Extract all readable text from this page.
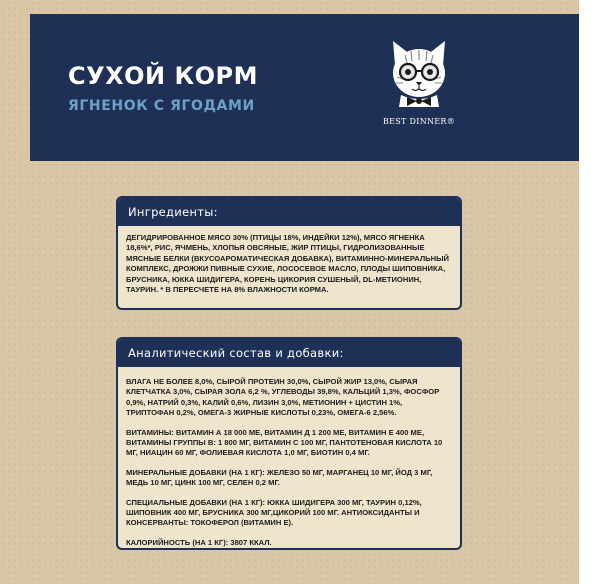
СУХОЙ КОРМ
ЯГНЕНОК С ЯГОДАМИ
BEST DINNER®
Ингредиенты:

ДЕГИДРИРОВАННОЕ МЯСО 30% (ПТИЦЫ 18%, ИНДЕЙКИ 12%), МЯСО ЯГНЕНКА 18,6%*, РИС, ЯЧМЕНЬ, ХЛОПЬЯ ОВСЯНЫЕ, ЖИР ПТИЦЫ, ГИДРОЛИЗОВАННЫЕ МЯСНЫЕ БЕЛКИ (ВКУСОАРОМАТИЧЕСКАЯ ДОБАВКА), ВИТАМИННО-МИНЕРАЛЬНЫЙ КОМПЛЕКС, ДРОЖЖИ ПИВНЫЕ СУХИЕ, ЛОСОСЕВОЕ МАСЛО, ПЛОДЫ ШИПОВНИКА, БРУСНИКА, ЮККА ШИДИГЕРА, КОРЕНЬ ЦИКОРИЯ СУШЕНЫЙ, DL-МЕТИОНИН, ТАУРИН. * В ПЕРЕСЧЕТЕ НА 8% ВЛАЖНОСТИ КОРМА.

Аналитический состав и добавки:

ВЛАГА НЕ БОЛЕЕ 8,0%, СЫРОЙ ПРОТЕИН 30,0%, СЫРОЙ ЖИР 13,0%, СЫРАЯ КЛЕТЧАТКА 3,0%, СЫРАЯ ЗОЛА 6,2 %, УГЛЕВОДЫ 39,8%, КАЛЬЦИЙ 1,3%, ФОСФОР 0,9%, НАТРИЙ 0,3%, КАЛИЙ 0,6%, ЛИЗИН 3,0%, МЕТИОНИН + ЦИСТИН 1%, ТРИПТОФАН 0,2%, ОМЕГА-3 ЖИРНЫЕ КИСЛОТЫ 0,23%, ОМЕГА-6 2,56%.

ВИТАМИНЫ: ВИТАМИН А 18 000 МЕ, ВИТАМИН Д 1 200 МЕ, ВИТАМИН Е 400 МЕ, ВИТАМИНЫ ГРУППЫ В: 1 800 МГ, ВИТАМИН С 100 МГ, ПАНТОТЕНОВАЯ КИСЛОТА 10 МГ, НИАЦИН 60 МГ, ФОЛИЕВАЯ КИСЛОТА 1,0 МГ, БИОТИН 0,4 МГ.

МИНЕРАЛЬНЫЕ ДОБАВКИ (НА 1 КГ): ЖЕЛЕЗО 50 МГ, МАРГАНЕЦ 10 МГ, ЙОД 3 МГ, МЕДЬ 10 МГ, ЦИНК 100 МГ, СЕЛЕН 0,2 МГ.

СПЕЦИАЛЬНЫЕ ДОБАВКИ (НА 1 КГ): ЮККА ШИДИГЕРА 300 МГ, ТАУРИН 0,12%, ШИПОВНИК 400 МГ, БРУСНИКА 300 МГ,ЦИКОРИЙ 100 МГ. АНТИОКСИДАНТЫ И КОНСЕРВАНТЫ: ТОКОФЕРОЛ (ВИТАМИН Е).

КАЛОРИЙНОСТЬ (НА 1 КГ): 3807 ККАЛ.
